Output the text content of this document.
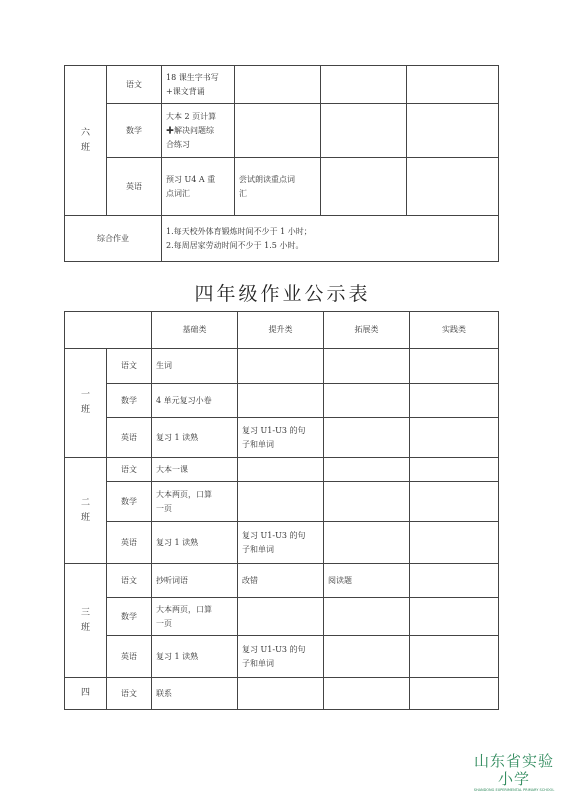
六
班	语文	18 课生字书写
+课文背诵			
	数学	大本 2 页计算
✚解决问题综
合练习			
	英语	预习 U4 A 重
点词汇	尝试朗读重点词
汇		
综合作业		1.每天校外体育锻炼时间不少于 1 小时；
2.每周居家劳动时间不少于 1.5 小时。			
四年级作业公示表
		基础类	提升类	拓展类	实践类
一
班	语文	生词			
	数学	4 单元复习小卷			
	英语	复习 1 读熟	复习 U1-U3 的句
子和单词		
二
班	语文	大本一课			
	数学	大本两页，口算
一页			
	英语	复习 1 读熟	复习 U1-U3 的句
子和单词		
三
班	语文	抄听词语	改错	阅读题	
	数学	大本两页，口算
一页			
	英语	复习 1 读熟	复习 U1-U3 的句
子和单词		
四	语文	联系			
山东省实验小学
SHANDONG EXPERIMENTAL PRIMARY SCHOOL
